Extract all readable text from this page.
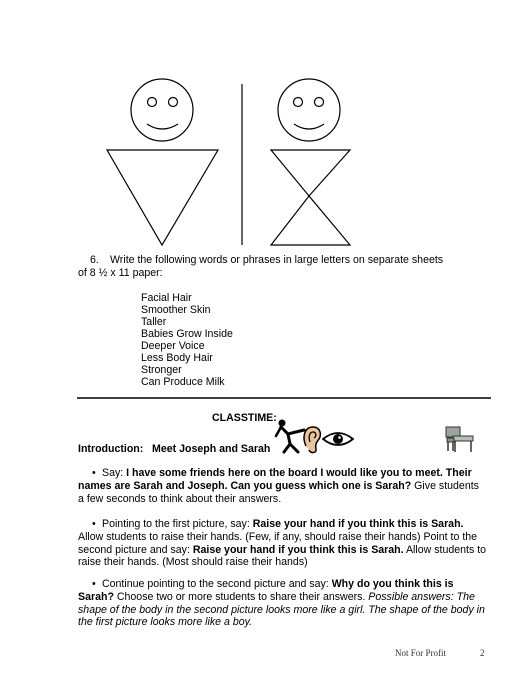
6. Write the following words or phrases in large letters on separate sheets
of 8 ½ x 11 paper:
Facial Hair
Smoother Skin
Taller
Babies Grow Inside
Deeper Voice
Less Body Hair
Stronger
Can Produce Milk
CLASSTIME:
Introduction: Meet Joseph and Sarah
• Say: I have some friends here on the board I would like you to meet. Their
names are Sarah and Joseph. Can you guess which one is Sarah? Give students
a few seconds to think about their answers.
• Pointing to the first picture, say: Raise your hand if you think this is Sarah.
Allow students to raise their hands. (Few, if any, should raise their hands) Point to the
second picture and say: Raise your hand if you think this is Sarah. Allow students to
raise their hands. (Most should raise their hands)
• Continue pointing to the second picture and say: Why do you think this is
Sarah? Choose two or more students to share their answers. Possible answers: The
shape of the body in the second picture looks more like a girl. The shape of the body in
the first picture looks more like a boy.
Not For Profit	2
